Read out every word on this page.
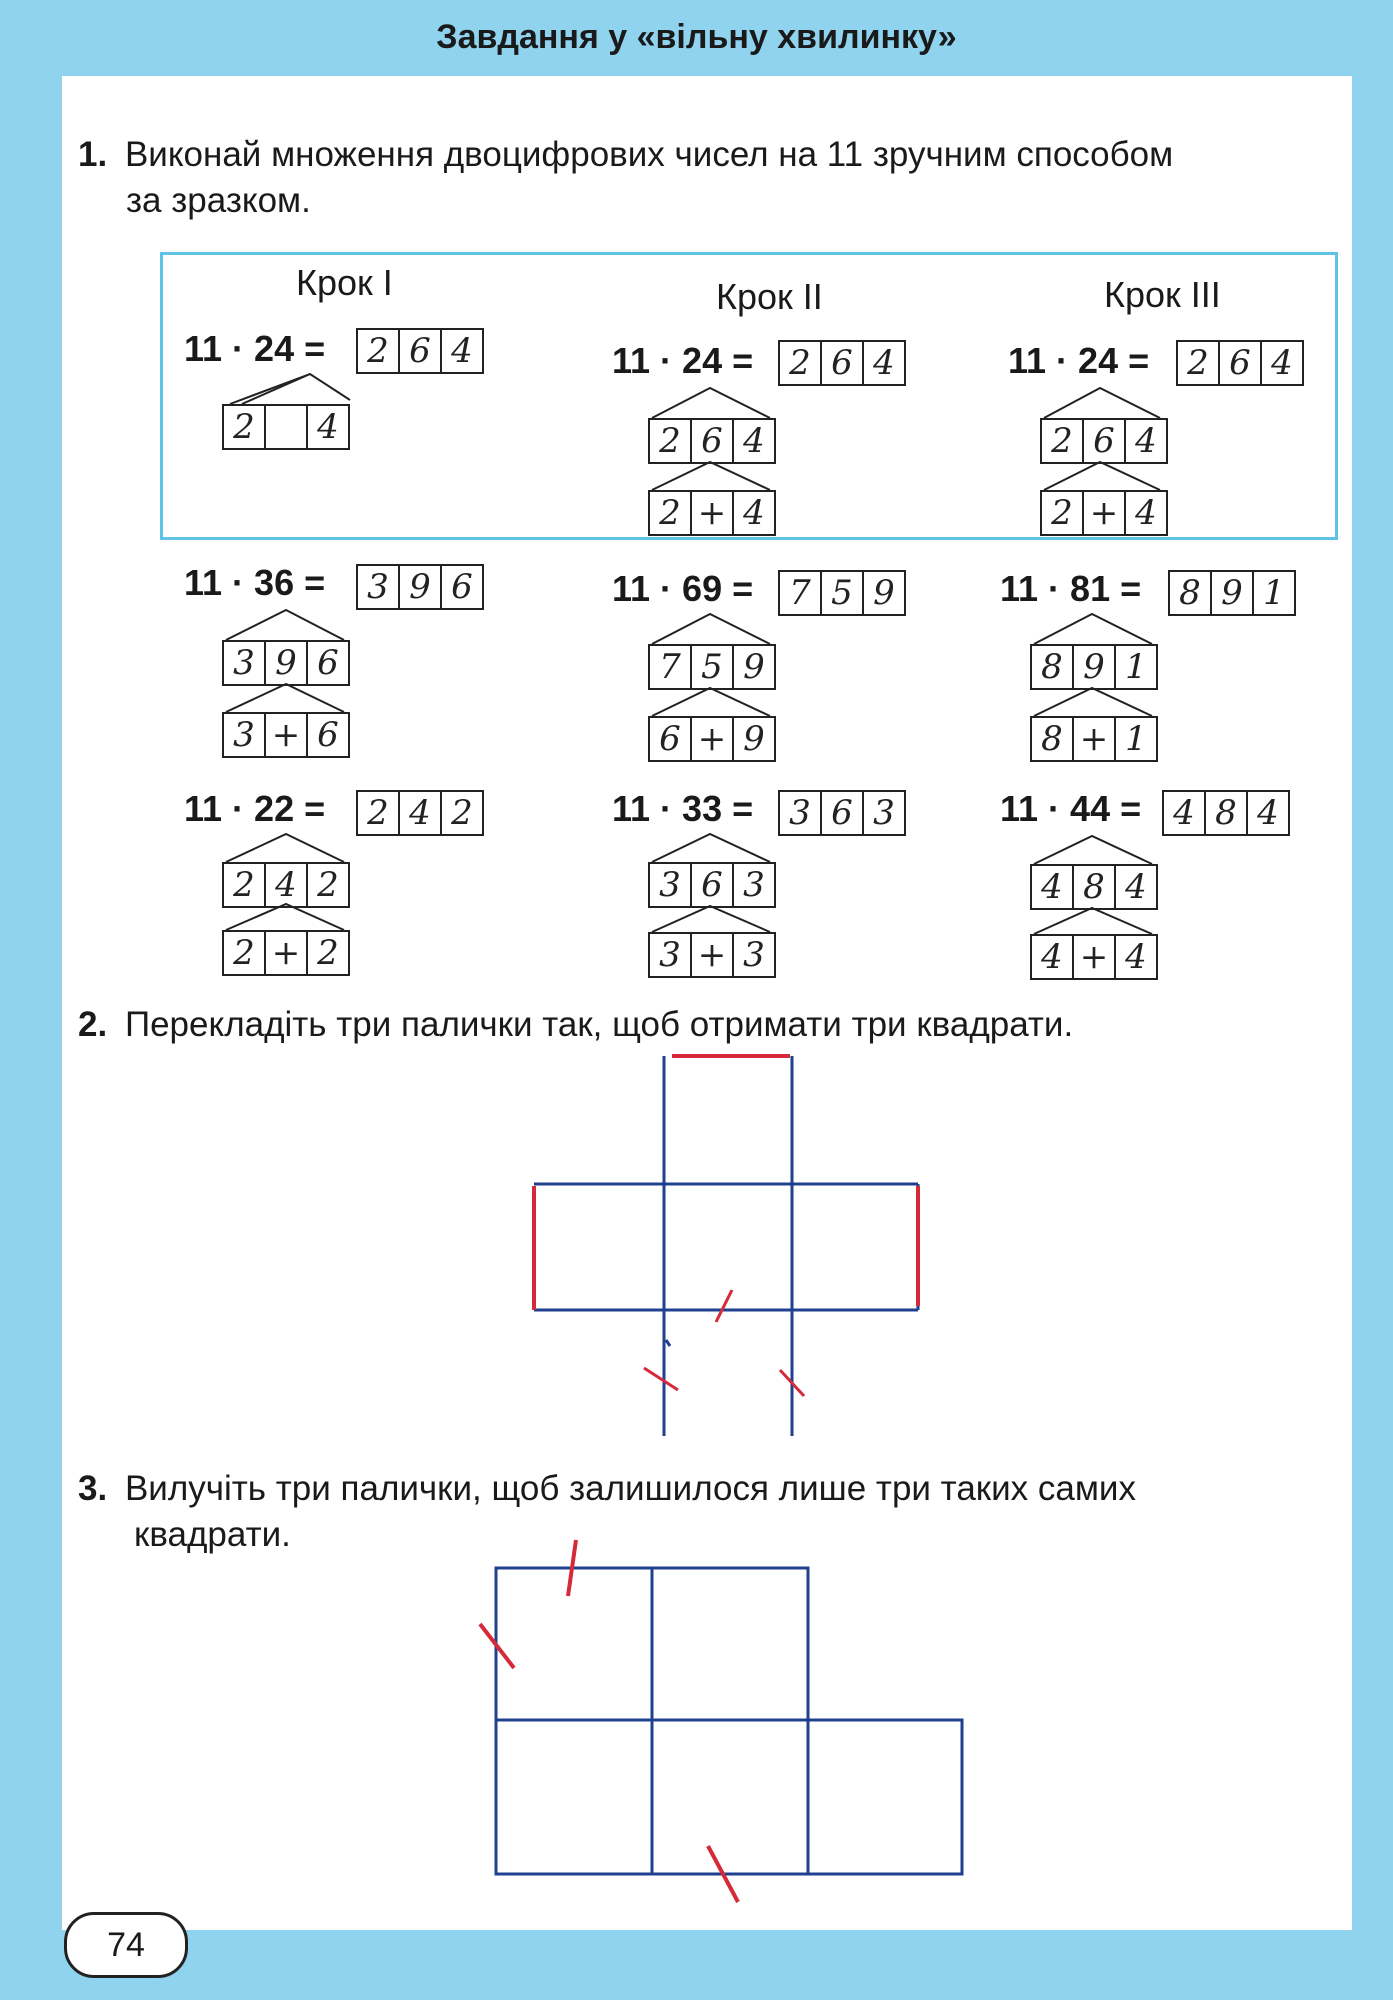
Завдання у «вільну хвилинку»
1. Виконай множення двоцифрових чисел на 11 зручним способом
за зразком.
Крок I	Крок II	Крок III
11 · 24 = 2 6 4
2	4
11 · 24 = 2 6 4
2 6 4
2 + 4
11 · 24 = 2 6 4
2 6 4
2 + 4
11 · 36 = 3 9 6
3 9 6
3 + 6
11 · 69 = 7 5 9
7 5 9
6 + 9
11 · 81 = 8 9 1
8 9 1
8 + 1
11 · 22 = 2 4 2
2 4 2
2 + 2
11 · 33 = 3 6 3
3 6 3
3 + 3
11 · 44 = 4 8 4
4 8 4
4 + 4
2. Перекладіть три палички так, щоб отримати три квадрати.
3. Вилучіть три палички, щоб залишилося лише три таких самих
квадрати.
74
